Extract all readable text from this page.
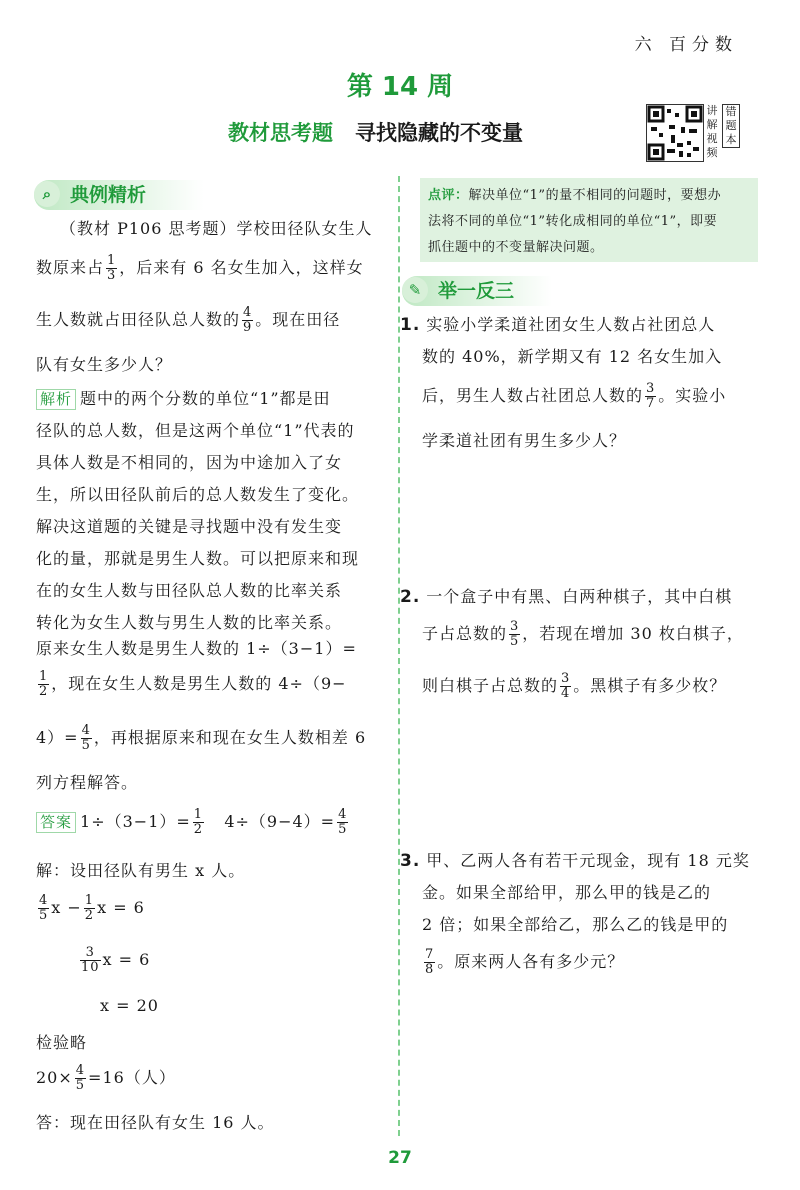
六 百分数
第 14 周
教材思考题 寻找隐藏的不变量
讲解视频
错题本
⌕ 典例精析
（教材 P106 思考题）学校田径队女生人
数原来占 $\frac{1}{3}$ ，后来有 6 名女生加入，这样女
生人数就占田径队总人数的 $\frac{4}{9}$ 。现在田径
队有女生多少人？
解析 题中的两个分数的单位“1”都是田
径队的总人数，但是这两个单位“1”代表的
具体人数是不相同的，因为中途加入了女
生，所以田径队前后的总人数发生了变化。
解决这道题的关键是寻找题中没有发生变
化的量，那就是男生人数。可以把原来和现
在的女生人数与田径队总人数的比率关系
转化为女生人数与男生人数的比率关系。
原来女生人数是男生人数的 1÷（3−1）=
$\frac{1}{2}$ ，现在女生人数是男生人数的 4÷（9−
$4)= \frac{4}{5}$ ，再根据原来和现在女生人数相差 6
列方程解答。
答案 $1\div(3-1)= \frac{1}{2} 4\div(9-4)= \frac{4}{5}$
解：设田径队有男生 x 人。
$\frac{4}{5}$ $x - \frac{1}{2}$ x = 6
$\frac{3}{10}$ x = 6
x = 20
检验略
$20\times \frac{4}{5} =16$（人）
答：现在田径队有女生 16 人。
点评：解决单位“1”的量不相同的问题时，要想办
法将不同的单位“1”转化成相同的单位“1”，即要
抓住题中的不变量解决问题。
✎ 举一反三
1. 实验小学柔道社团女生人数占社团总人
数的 40%，新学期又有 12 名女生加入
后，男生人数占社团总人数的 $\frac{3}{7}$ 。实验小
学柔道社团有男生多少人？
2. 一个盒子中有黑、白两种棋子，其中白棋
子占总数的 $\frac{3}{5}$ ，若现在增加 30 枚白棋子，
则白棋子占总数的 $\frac{3}{4}$ 。黑棋子有多少枚？
3. 甲、乙两人各有若干元现金，现有 18 元奖
金。如果全部给甲，那么甲的钱是乙的
2 倍；如果全部给乙，那么乙的钱是甲的
$\frac{7}{8}$ 。原来两人各有多少元？
27
